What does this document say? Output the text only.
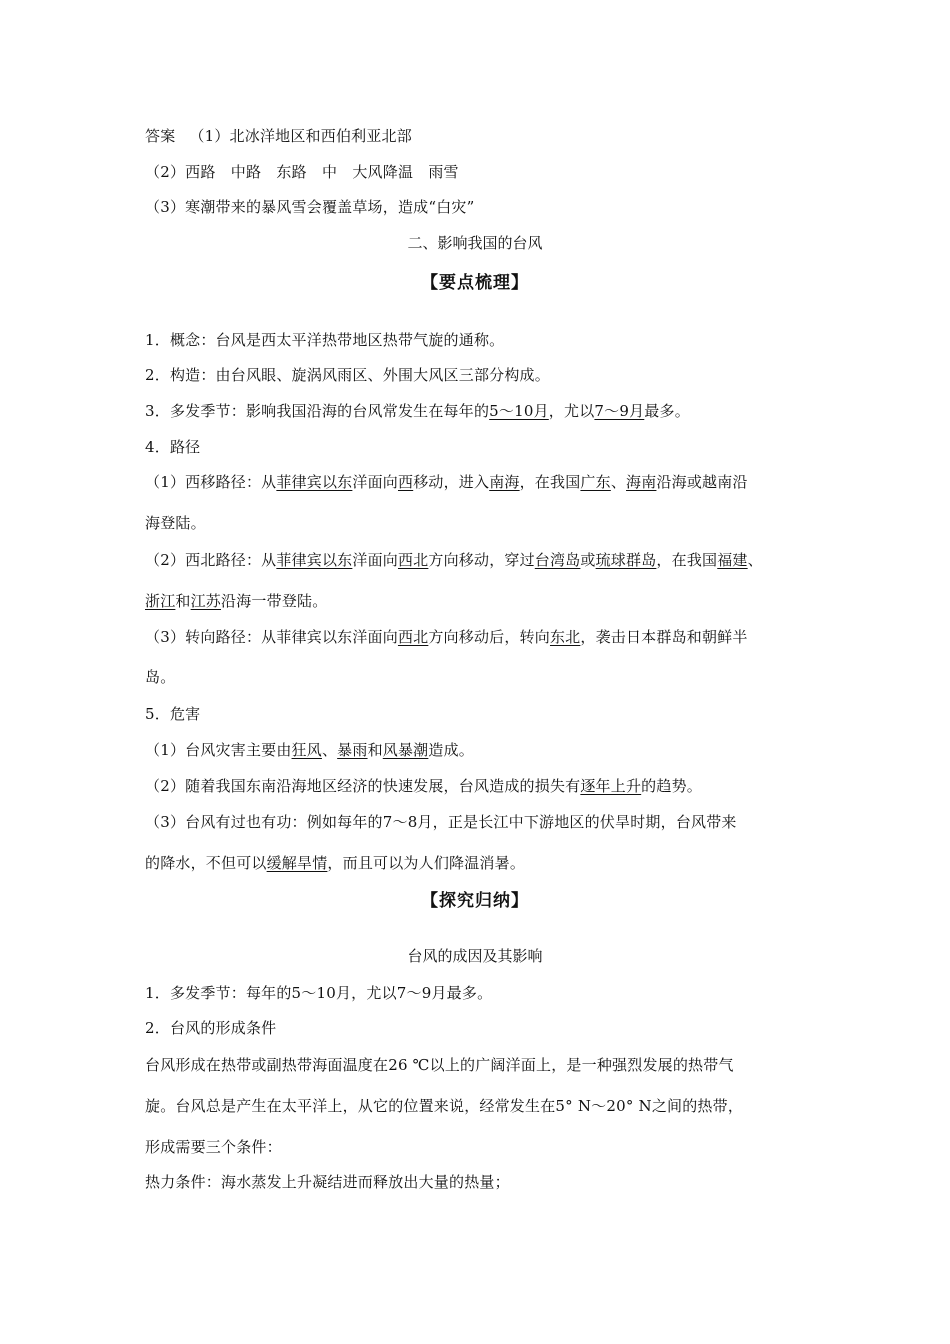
答案 （1）北冰洋地区和西伯利亚北部
（2）西路　中路　东路　中　大风降温　雨雪
（3）寒潮带来的暴风雪会覆盖草场，造成“白灾”
二、影响我国的台风
【要点梳理】
1．概念：台风是西太平洋热带地区热带气旋的通称。
2．构造：由台风眼、旋涡风雨区、外围大风区三部分构成。
3．多发季节：影响我国沿海的台风常发生在每年的5～10月，尤以7～9月最多。
4．路径
（1）西移路径：从菲律宾以东洋面向西移动，进入南海，在我国广东、海南沿海或越南沿
海登陆。
（2）西北路径：从菲律宾以东洋面向西北方向移动，穿过台湾岛或琉球群岛，在我国福建、
浙江和江苏沿海一带登陆。
（3）转向路径：从菲律宾以东洋面向西北方向移动后，转向东北，袭击日本群岛和朝鲜半
岛。
5．危害
（1）台风灾害主要由狂风、暴雨和风暴潮造成。
（2）随着我国东南沿海地区经济的快速发展，台风造成的损失有逐年上升的趋势。
（3）台风有过也有功：例如每年的7～8月，正是长江中下游地区的伏旱时期，台风带来
的降水，不但可以缓解旱情，而且可以为人们降温消暑。
【探究归纳】
台风的成因及其影响
1．多发季节：每年的5～10月，尤以7～9月最多。
2．台风的形成条件
台风形成在热带或副热带海面温度在26 ℃以上的广阔洋面上，是一种强烈发展的热带气
旋。台风总是产生在太平洋上，从它的位置来说，经常发生在5° N～20° N之间的热带，
形成需要三个条件：
热力条件：海水蒸发上升凝结进而释放出大量的热量；
